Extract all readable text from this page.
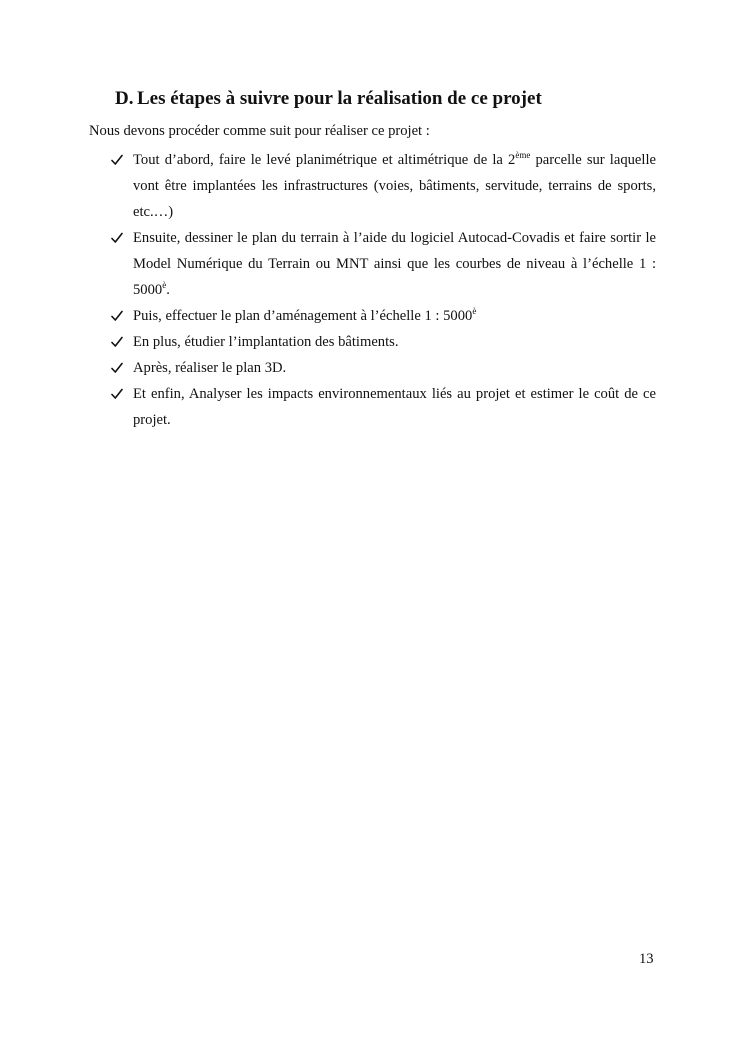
D. Les étapes à suivre pour la réalisation de ce projet
Nous devons procéder comme suit pour réaliser ce projet :
Tout d’abord, faire le levé planimétrique et altimétrique de la 2ème parcelle sur laquelle vont être implantées les infrastructures (voies, bâtiments, servitude, terrains de sports, etc.…)
Ensuite, dessiner le plan du terrain à l’aide du logiciel Autocad-Covadis et faire sortir le Model Numérique du Terrain ou MNT ainsi que les courbes de niveau à l’échelle 1 : $5000^è$.
Puis, effectuer le plan d’aménagement à l’échelle 1 : $5000^è$
En plus, étudier l’implantation des bâtiments.
Après, réaliser le plan 3D.
Et enfin, Analyser les impacts environnementaux liés au projet et estimer le coût de ce projet.
13
